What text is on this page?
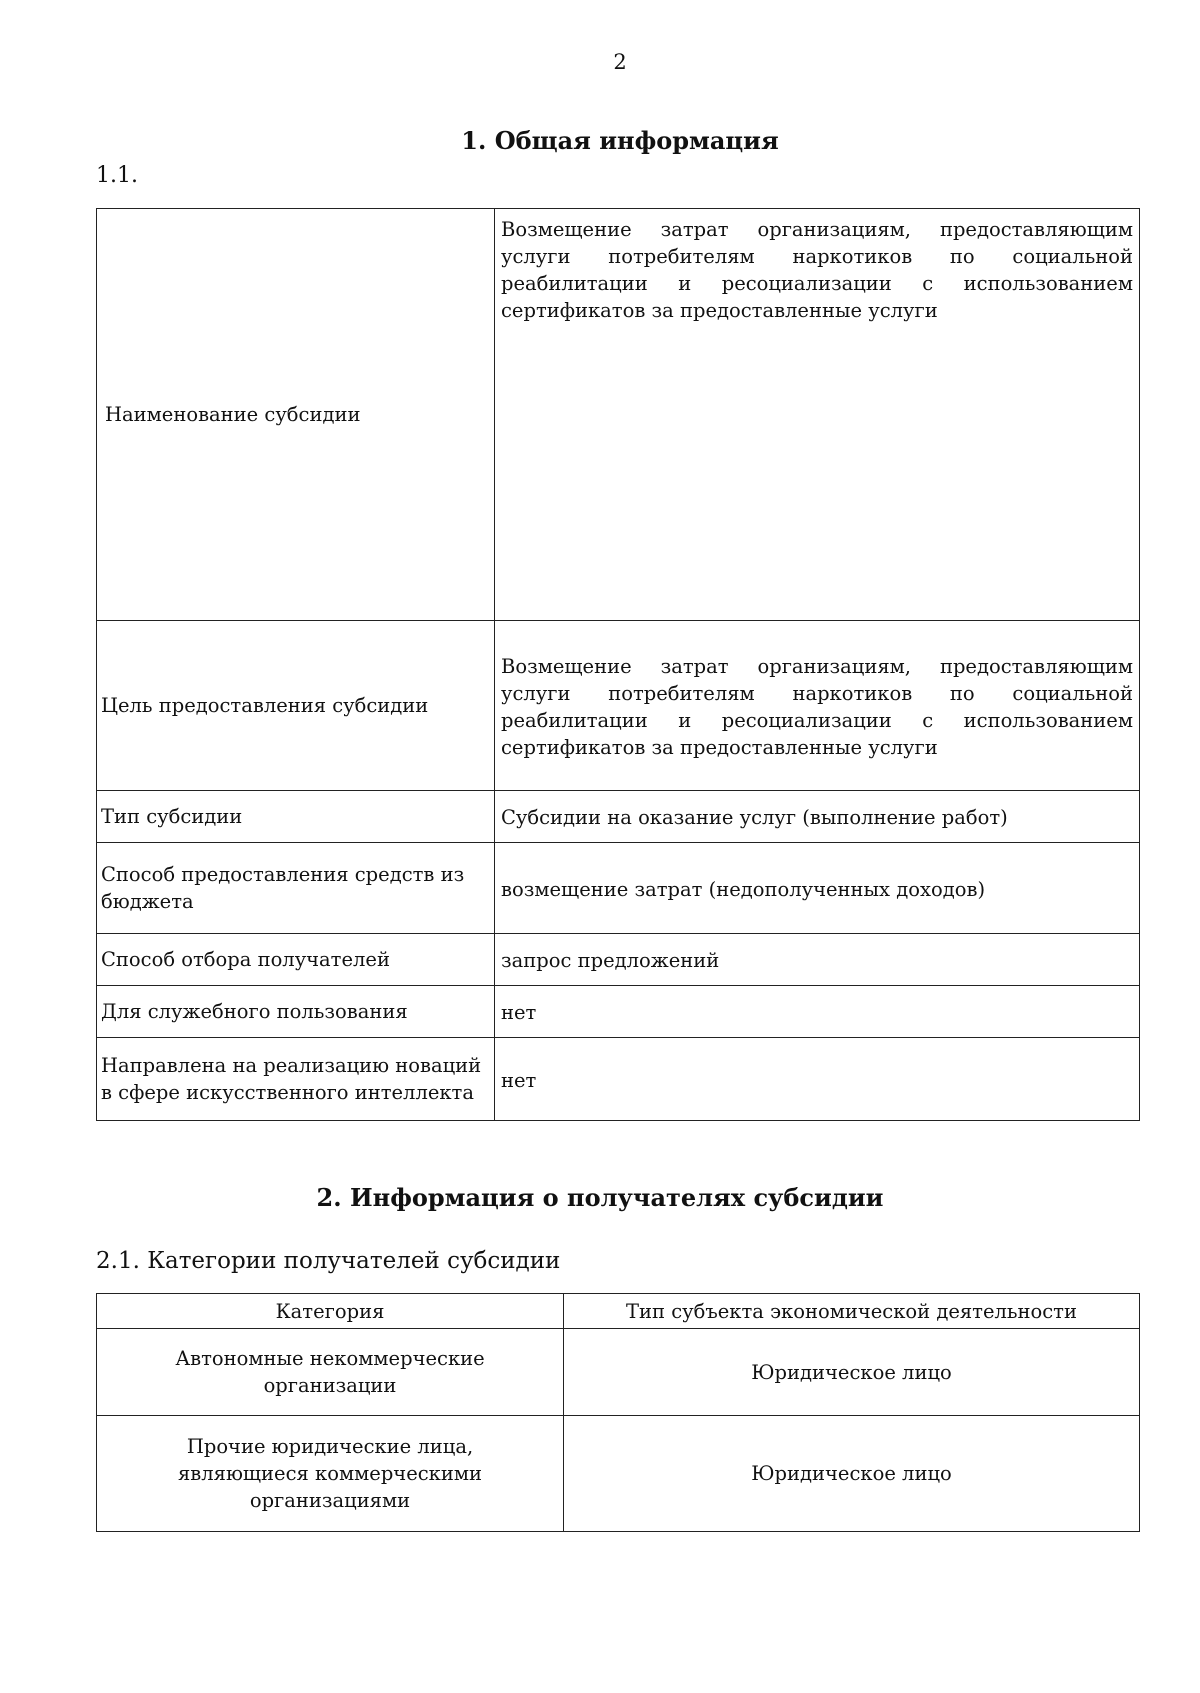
2
1. Общая информация
1.1.
Наименование субсидии	Возмещение затрат организациям, предоставляющим услуги потребителям наркотиков по социальной реабилитации и ресоциализации с использованием сертификатов за предоставленные услуги
Цель предоставления субсидии	Возмещение затрат организациям, предоставляющим услуги потребителям наркотиков по социальной реабилитации и ресоциализации с использованием сертификатов за предоставленные услуги
Тип субсидии	Субсидии на оказание услуг (выполнение работ)
Способ предоставления средств из бюджета	возмещение затрат (недополученных доходов)
Способ отбора получателей	запрос предложений
Для служебного пользования	нет
Направлена на реализацию новаций в сфере искусственного интеллекта	нет
2. Информация о получателях субсидии
2.1. Категории получателей субсидии
Категория	Тип субъекта экономической деятельности
Автономные некоммерческие организации	Юридическое лицо
Прочие юридические лица, являющиеся коммерческими организациями	Юридическое лицо
